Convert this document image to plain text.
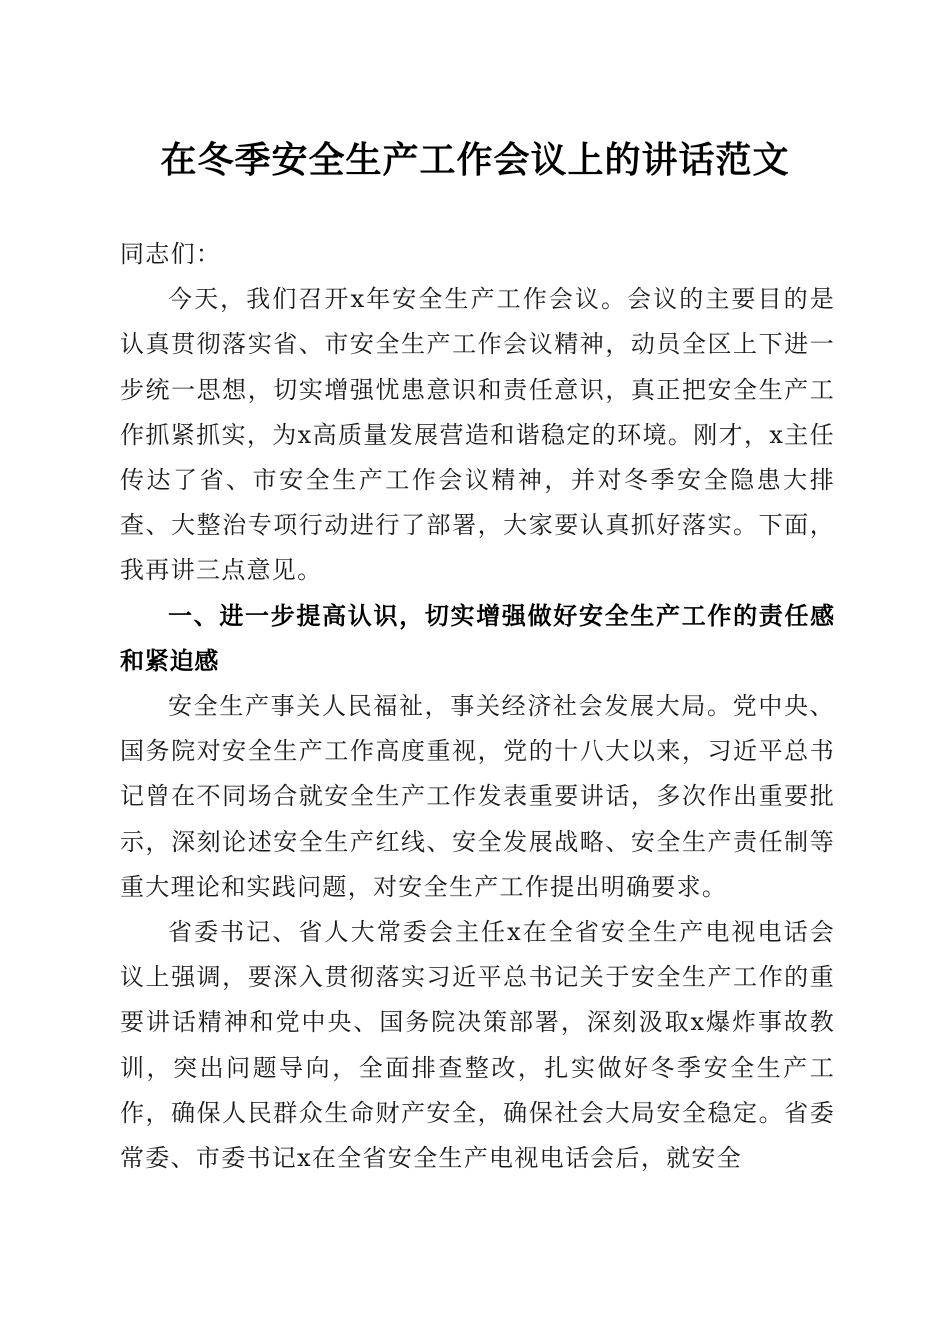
在冬季安全生产工作会议上的讲话范文

同志们：

今天，我们召开x年安全生产工作会议。会议的主要目的是认真贯彻落实省、市安全生产工作会议精神，动员全区上下进一步统一思想，切实增强忧患意识和责任意识，真正把安全生产工作抓紧抓实，为x高质量发展营造和谐稳定的环境。刚才，x主任传达了省、市安全生产工作会议精神，并对冬季安全隐患大排查、大整治专项行动进行了部署，大家要认真抓好落实。下面，我再讲三点意见。

一、进一步提高认识，切实增强做好安全生产工作的责任感和紧迫感

安全生产事关人民福祉，事关经济社会发展大局。党中央、国务院对安全生产工作高度重视，党的十八大以来，习近平总书记曾在不同场合就安全生产工作发表重要讲话，多次作出重要批示，深刻论述安全生产红线、安全发展战略、安全生产责任制等重大理论和实践问题，对安全生产工作提出明确要求。

省委书记、省人大常委会主任x在全省安全生产电视电话会议上强调，要深入贯彻落实习近平总书记关于安全生产工作的重要讲话精神和党中央、国务院决策部署，深刻汲取x爆炸事故教训，突出问题导向，全面排查整改，扎实做好冬季安全生产工作，确保人民群众生命财产安全，确保社会大局安全稳定。省委常委、市委书记x在全省安全生产电视电话会后，就安全
